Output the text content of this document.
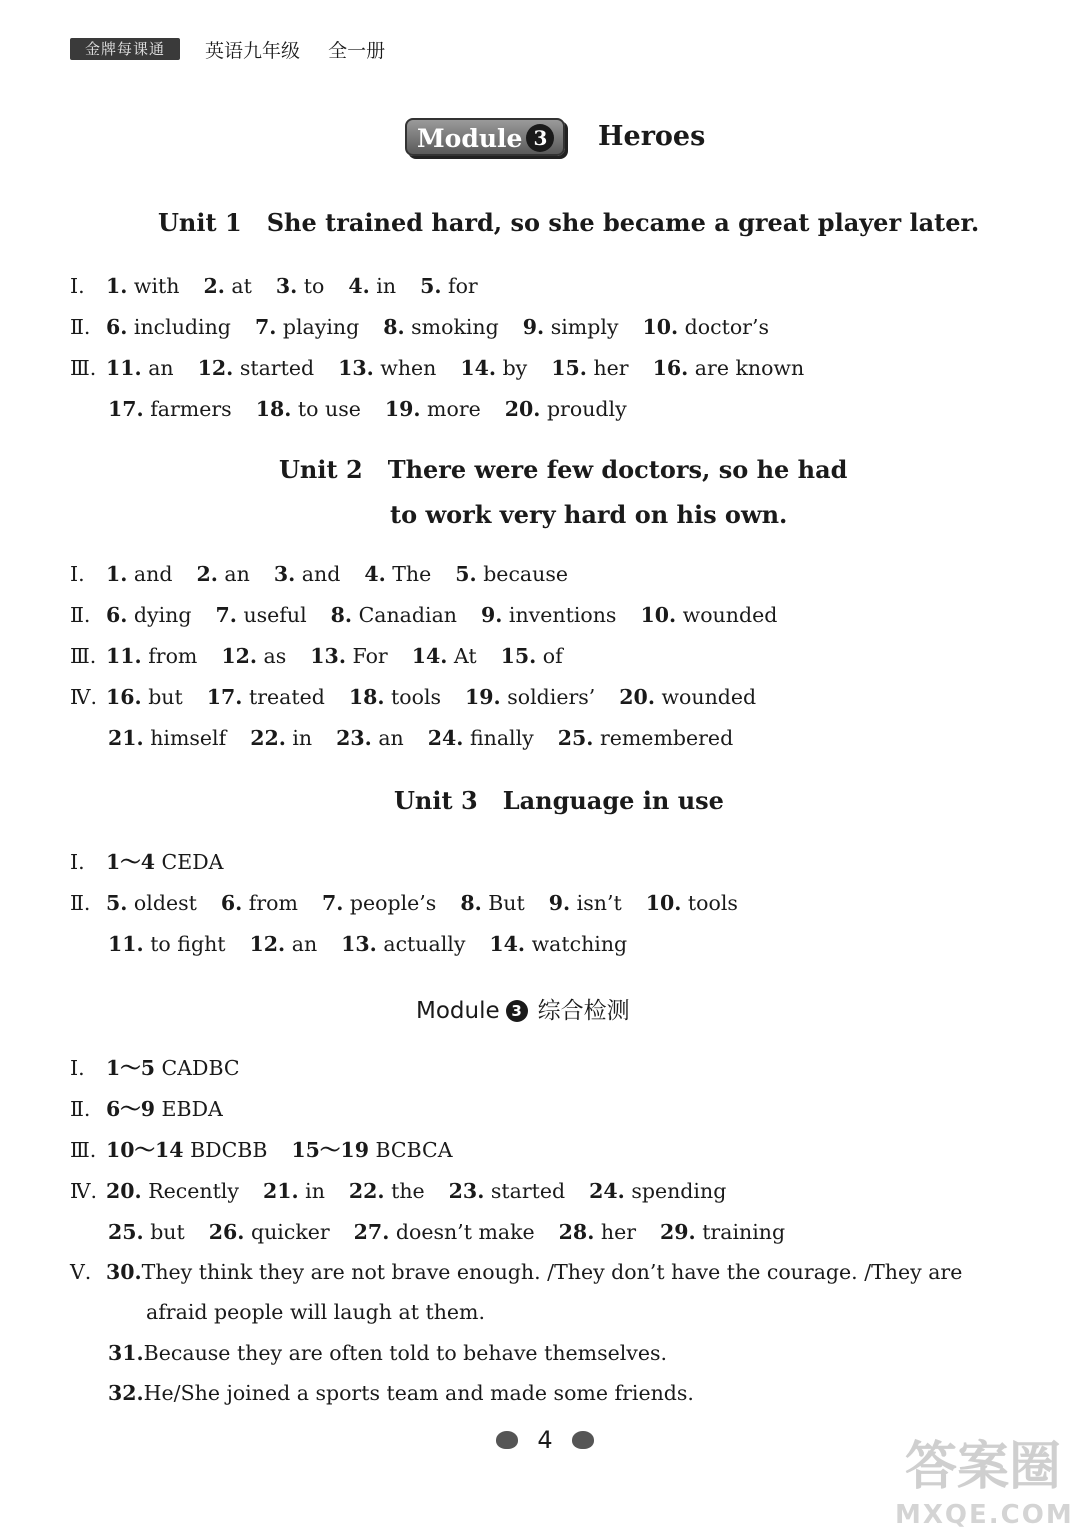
金牌每课通	英语九年级 全一册
Module 3	Heroes
Unit 1   She trained hard, so she became a great player later.
Ⅰ. 1. with 2. at 3. to 4. in 5. for
Ⅱ. 6. including 7. playing 8. smoking 9. simply 10. doctor’s
Ⅲ. 11. an 12. started 13. when 14. by 15. her 16. are known
17. farmers 18. to use 19. more 20. proudly
Unit 2   There were few doctors, so he had
to work very hard on his own.
Ⅰ. 1. and 2. an 3. and 4. The 5. because
Ⅱ. 6. dying 7. useful 8. Canadian 9. inventions 10. wounded
Ⅲ. 11. from 12. as 13. For 14. At 15. of
Ⅳ. 16. but 17. treated 18. tools 19. soldiers’ 20. wounded
21. himself 22. in 23. an 24. finally 25. remembered
Unit 3   Language in use
Ⅰ. 1～4 CEDA
Ⅱ. 5. oldest 6. from 7. people’s 8. But 9. isn’t 10. tools
11. to fight 12. an 13. actually 14. watching
Module 3 综合检测
Ⅰ. 1～5 CADBC
Ⅱ. 6～9 EBDA
Ⅲ. 10～14 BDCBB 15～19 BCBCA
Ⅳ. 20. Recently 21. in 22. the 23. started 24. spending
25. but 26. quicker 27. doesn’t make 28. her 29. training
Ⅴ. 30.They think they are not brave enough. /They don’t have the courage. /They are
afraid people will laugh at them.
31.Because they are often told to behave themselves.
32.He/She joined a sports team and made some friends.
4	答案圈
MXQE.COM
